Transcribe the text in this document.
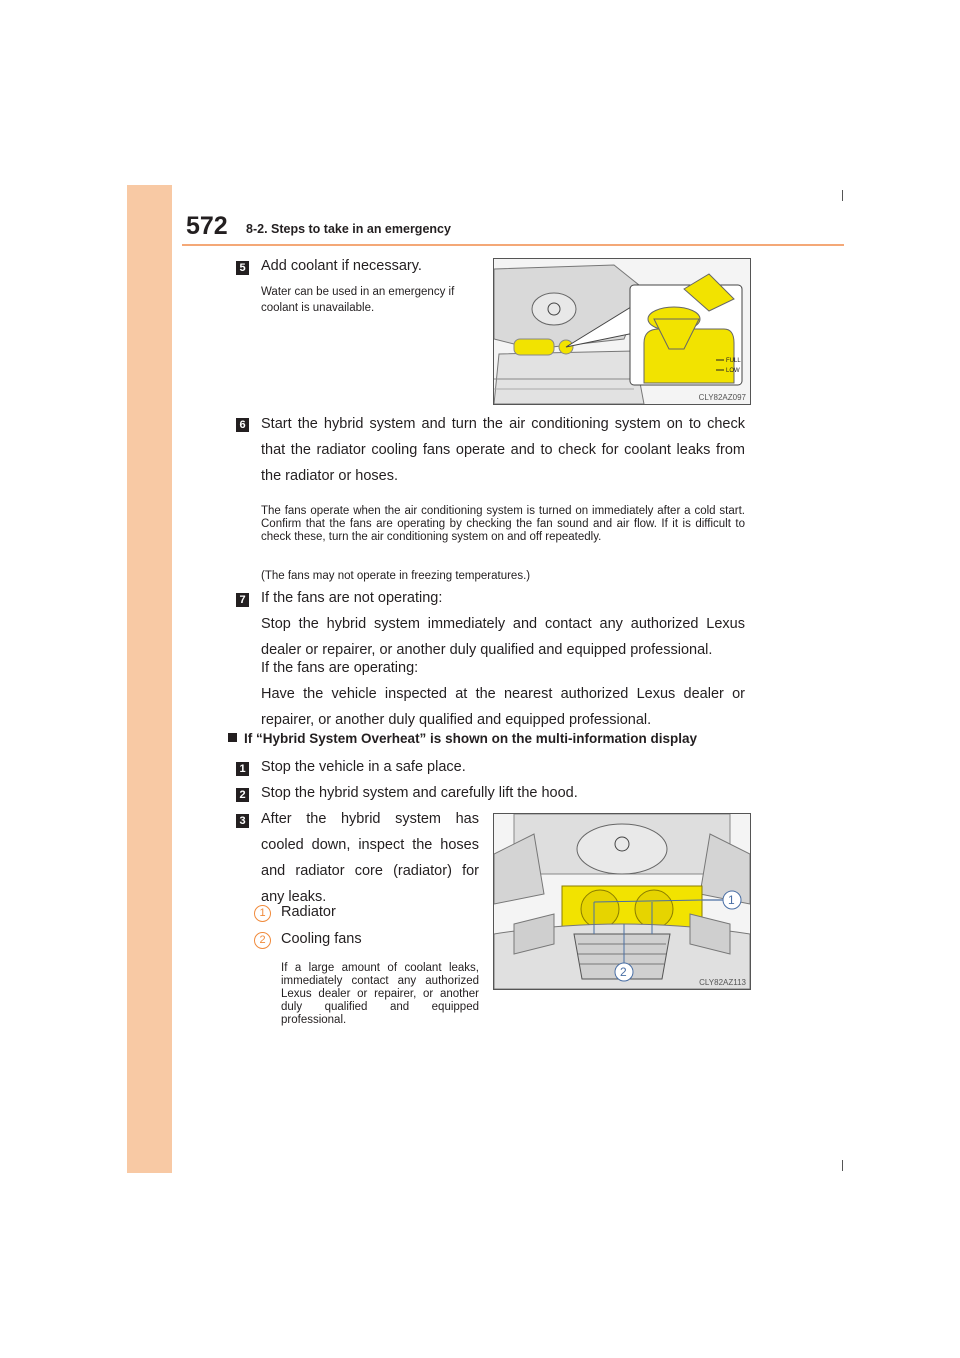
572 8-2. Steps to take in an emergency
5 Add coolant if necessary.
Water can be used in an emergency if coolant is unavailable.
FULL
LOW
CLY82AZ097
6 Start the hybrid system and turn the air conditioning system on to check that the radiator cooling fans operate and to check for coolant leaks from the radiator or hoses.
The fans operate when the air conditioning system is turned on immediately after a cold start. Confirm that the fans are operating by checking the fan sound and air flow. If it is difficult to check these, turn the air conditioning system on and off repeatedly.
(The fans may not operate in freezing temperatures.)
7 If the fans are not operating:
Stop the hybrid system immediately and contact any authorized Lexus dealer or repairer, or another duly qualified and equipped professional.
If the fans are operating:
Have the vehicle inspected at the nearest authorized Lexus dealer or repairer, or another duly qualified and equipped professional.
If “Hybrid System Overheat” is shown on the multi-information display
1 Stop the vehicle in a safe place.
2 Stop the hybrid system and carefully lift the hood.
3 After the hybrid system has cooled down, inspect the hoses and radiator core (radiator) for any leaks.
1	Radiator
2	Cooling fans
If a large amount of coolant leaks, immediately contact any authorized Lexus dealer or repairer, or another duly qualified and equipped professional.
1
2
CLY82AZ113
